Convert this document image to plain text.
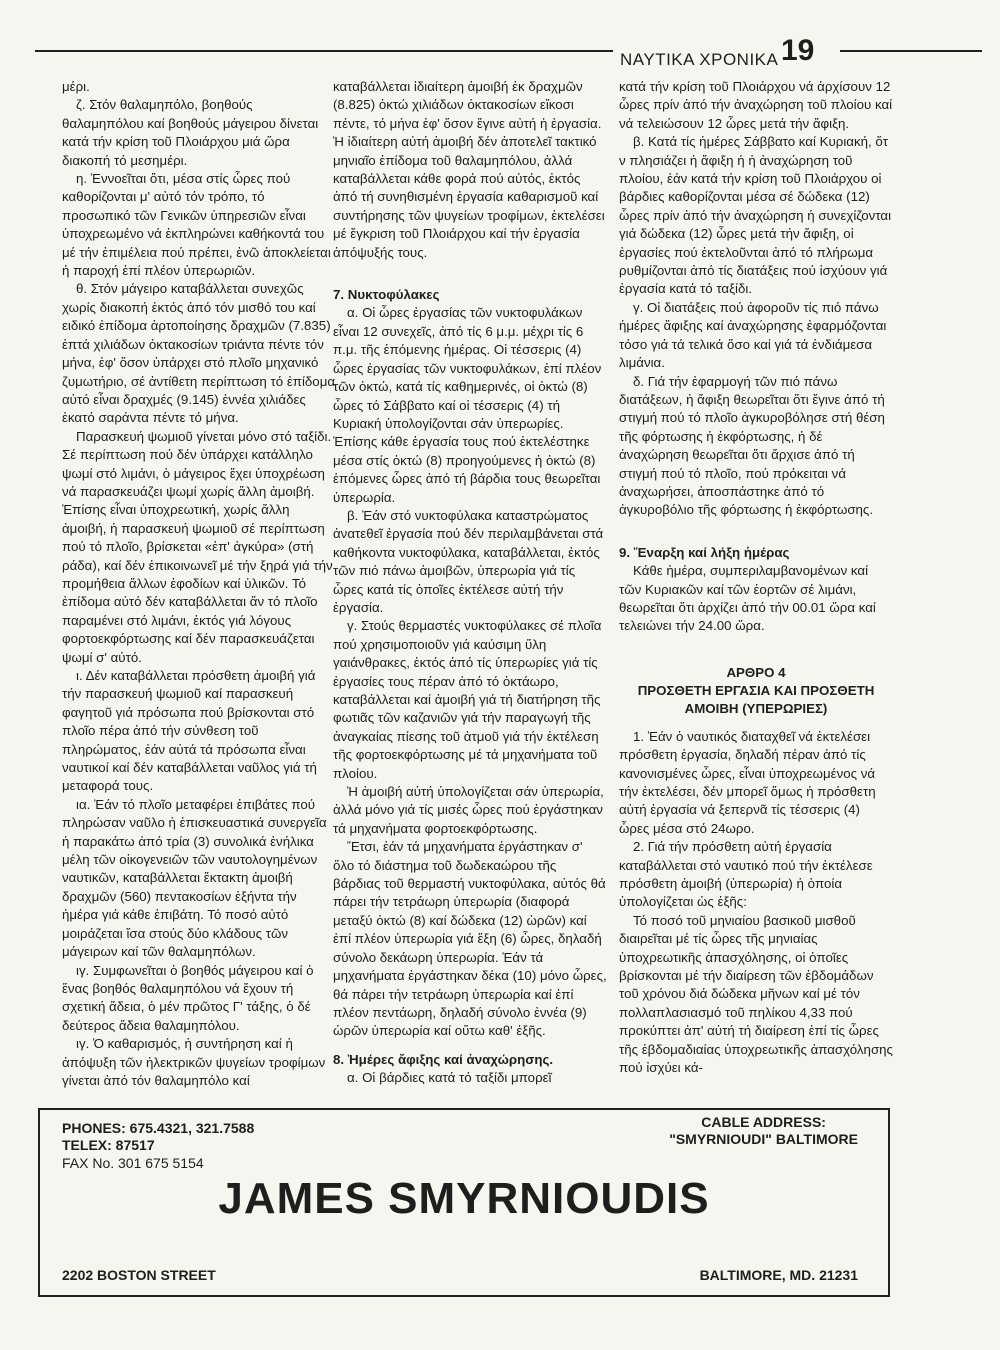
ΝΑΥΤΙΚΑ ΧΡΟΝΙΚΑ 19

μέρι.

ζ. Στόν θαλαμηπόλο, βοηθούς θαλαμηπόλου καί βοηθούς μάγειρου δίνεται κατά τήν κρίση τοῦ Πλοιάρχου μιά ὥρα διακοπή τό μεσημέρι.

η. Ἐννοεῖται ὅτι, μέσα στίς ὧρες πού καθορίζονται μ' αὐτό τόν τρόπο, τό προσωπικό τῶν Γενικῶν ὑπηρεσιῶν εἶναι ὑποχρεωμένο νά ἐκπληρώνει καθήκοντά του μέ τήν ἐπιμέλεια πού πρέπει, ἐνῶ ἀποκλείεται ἡ παροχή ἐπί πλέον ὑπερωριῶν.

θ. Στόν μάγειρο καταβάλλεται συνεχῶς χωρίς διακοπή ἐκτός ἀπό τόν μισθό του καί ειδικό ἐπίδομα ἀρτοποίησης δραχμῶν (7.835) ἑπτά χιλιάδων ὀκτακοσίων τριάντα πέντε τόν μήνα, ἐφ' ὅσον ὑπάρχει στό πλοῖο μηχανικό ζυμωτήριο, σέ ἀντίθετη περίπτωση τό ἐπίδομα αὐτό εἶναι δραχμές (9.145) ἐννέα χιλιάδες ἑκατό σαράντα πέντε τό μήνα.

Παρασκευή ψωμιοῦ γίνεται μόνο στό ταξίδι. Σέ περίπτωση πού δέν ὑπάρχει κατάλληλο ψωμί στό λιμάνι, ὁ μάγειρος ἔχει ὑποχρέωση νά παρασκευάζει ψωμί χωρίς ἄλλη ἀμοιβή. Ἐπίσης εἶναι ὑποχρεωτική, χωρίς ἄλλη ἀμοιβή, ἡ παρασκευή ψωμιοῦ σέ περίπτωση πού τό πλοῖο, βρίσκεται «ἐπ' ἀγκύρα» (στή ράδα), καί δέν ἐπικοινωνεῖ μέ τήν ξηρά γιά τήν προμήθεια ἄλλων ἐφοδίων καί ὑλικῶν. Τό ἐπίδομα αὐτό δέν καταβάλλεται ἄν τό πλοῖο παραμένει στό λιμάνι, ἐκτός γιά λόγους φορτοεκφόρτωσης καί δέν παρασκευάζεται ψωμί σ' αὐτό.

ι. Δέν καταβάλλεται πρόσθετη ἀμοιβή γιά τήν παρασκευή ψωμιοῦ καί παρασκευή φαγητοῦ γιά πρόσωπα πού βρίσκονται στό πλοῖο πέρα ἀπό τήν σύνθεση τοῦ πληρώματος, ἐάν αὐτά τά πρόσωπα εἶναι ναυτικοί καί δέν καταβάλλεται ναῦλος γιά τή μεταφορά τους.

ια. Ἐάν τό πλοῖο μεταφέρει ἐπιβάτες πού πληρώσαν ναῦλο ἡ ἐπισκευαστικά συνεργεῖα ἡ παρακάτω ἀπό τρία (3) συνολικά ἐνήλικα μέλη τῶν οἰκογενειῶν τῶν ναυτολογημένων ναυτικῶν, καταβάλλεται ἔκτακτη ἀμοιβή δραχμῶν (560) πεντακοσίων ἑξήντα τήν ἡμέρα γιά κάθε ἐπιβάτη. Τό ποσό αὐτό μοιράζεται ἴσα στούς δύο κλάδους τῶν μάγειρων καί τῶν θαλαμηπόλων.

ιγ. Συμφωνεῖται ὁ βοηθός μάγειρου καί ὁ ἕνας βοηθός θαλαμηπόλου νά ἔχουν τή σχετική ἄδεια, ὁ μέν πρῶτος Γ' τάξης, ὁ δέ δεύτερος ἄδεια θαλαμηπόλου.

ιγ. Ὁ καθαρισμός, ἡ συντήρηση καί ἡ ἀπόψυξη τῶν ἠλεκτρικῶν ψυγείων τροφίμων γίνεται ἀπό τόν θαλαμηπόλο καί

καταβάλλεται ἰδιαίτερη ἀμοιβή ἐκ δραχμῶν (8.825) ὀκτώ χιλιάδων ὀκτακοσίων εἴκοσι πέντε, τό μήνα ἐφ' ὅσον ἔγινε αὐτή ἡ ἐργασία. Ἡ ἰδιαίτερη αὐτή ἀμοιβή δέν ἀποτελεῖ τακτικό μηνιαῖο ἐπίδομα τοῦ θαλαμηπόλου, ἀλλά καταβάλλεται κάθε φορά πού αὐτός, ἐκτός ἀπό τή συνηθισμένη ἐργασία καθαρισμοῦ καί συντήρησης τῶν ψυγείων τροφίμων, ἐκτελέσει μέ ἔγκριση τοῦ Πλοιάρχου καί τήν ἐργασία ἀπόψυξής τους.

7. Νυκτοφύλακες

α. Οἱ ὧρες ἐργασίας τῶν νυκτοφυλάκων εἶναι 12 συνεχεῖς, ἀπό τίς 6 μ.μ. μέχρι τίς 6 π.μ. τῆς ἑπόμενης ἡμέρας. Οἱ τέσσερις (4) ὧρες ἐργασίας τῶν νυκτοφυλάκων, ἐπί πλέον τῶν ὀκτώ, κατά τίς καθημερινές, οἱ ὀκτώ (8) ὧρες τό Σάββατο καί οἱ τέσσερις (4) τή Κυριακή ὑπολογίζονται σάν ὑπερωρίες. Ἐπίσης κάθε ἐργασία τους πού ἐκτελέστηκε μέσα στίς ὀκτώ (8) προηγούμενες ἡ ὀκτώ (8) ἑπόμενες ὧρες ἀπό τή βάρδια τους θεωρεῖται ὑπερωρία.

β. Ἐάν στό νυκτοφύλακα καταστρώματος ἀνατεθεῖ ἐργασία πού δέν περιλαμβάνεται στά καθήκοντα νυκτοφύλακα, καταβάλλεται, ἐκτός τῶν πιό πάνω ἀμοιβῶν, ὑπερωρία γιά τίς ὧρες κατά τίς ὁποῖες ἐκτέλεσε αὐτή τήν ἐργασία.

γ. Στούς θερμαστές νυκτοφύλακες σέ πλοῖα πού χρησιμοποιοῦν γιά καύσιμη ὕλη γαιάνθρακες, ἐκτός ἀπό τίς ὑπερωρίες γιά τίς ἐργασίες τους πέραν ἀπό τό ὀκτάωρο, καταβάλλεται καί ἀμοιβή γιά τή διατήρηση τῆς φωτιᾶς τῶν καζανιῶν γιά τήν παραγωγή τῆς ἀναγκαίας πίεσης τοῦ ἀτμοῦ γιά τήν ἐκτέλεση τῆς φορτοεκφόρτωσης μέ τά μηχανήματα τοῦ πλοίου.

Ἡ ἀμοιβή αὐτή ὑπολογίζεται σάν ὑπερωρία, ἀλλά μόνο γιά τίς μισές ὧρες πού ἐργάστηκαν τά μηχανήματα φορτοεκφόρτωσης.

Ἔτσι, ἐάν τά μηχανήματα ἐργάστηκαν σ' ὅλο τό διάστημα τοῦ δωδεκαώρου τῆς βάρδιας τοῦ θερμαστή νυκτοφύλακα, αὐτός θά πάρει τήν τετράωρη ὑπερωρία (διαφορά μεταξύ ὀκτώ (8) καί δώδεκα (12) ὡρῶν) καί ἐπί πλέον ὑπερωρία γιά ἕξη (6) ὧρες, δηλαδή σύνολο δεκάωρη ὑπερωρία. Ἐάν τά μηχανήματα ἐργάστηκαν δέκα (10) μόνο ὧρες, θά πάρει τήν τετράωρη ὑπερωρία καί ἐπί πλέον πεντάωρη, δηλαδή σύνολο ἐννέα (9) ὡρῶν ὑπερωρία καί οὕτω καθ' ἑξῆς.

8. Ἡμέρες ἄφιξης καί ἀναχώρησης.

α. Οἱ βάρδιες κατά τό ταξίδι μπορεῖ

κατά τήν κρίση τοῦ Πλοιάρχου νά ἀρχίσουν 12 ὧρες πρίν ἀπό τήν ἀναχώρηση τοῦ πλοίου καί νά τελειώσουν 12 ὧρες μετά τήν ἄφιξη.

β. Κατά τίς ἡμέρες Σάββατο καί Κυριακή, ὅτ ν πλησιάζει ἡ ἄφιξη ἡ ἡ ἀναχώρηση τοῦ πλοίου, ἐάν κατά τήν κρίση τοῦ Πλοιάρχου οἱ βάρδιες καθορίζονται μέσα σέ δώδεκα (12) ὧρες πρίν ἀπό τήν ἀναχώρηση ἡ συνεχίζονται γιά δώδεκα (12) ὧρες μετά τήν ἄφιξη, οἱ ἐργασίες πού ἐκτελοῦνται ἀπό τό πλήρωμα ρυθμίζονται ἀπό τίς διατάξεις πού ἰσχύουν γιά ἐργασία κατά τό ταξίδι.

γ. Οἱ διατάξεις πού ἀφοροῦν τίς πιό πάνω ἡμέρες ἄφιξης καί ἀναχώρησης ἐφαρμόζονται τόσο γιά τά τελικά ὅσο καί γιά τά ἐνδιάμεσα λιμάνια.

δ. Γιά τήν ἐφαρμογή τῶν πιό πάνω διατάξεων, ἡ ἄφιξη θεωρεῖται ὅτι ἔγινε ἀπό τή στιγμή πού τό πλοῖο ἀγκυροβόλησε στή θέση τῆς φόρτωσης ἡ ἐκφόρτωσης, ἡ δέ ἀναχώρηση θεωρεῖται ὅτι ἄρχισε ἀπό τή στιγμή πού τό πλοῖο, πού πρόκειται νά ἀναχωρήσει, ἀποσπάστηκε ἀπό τό ἀγκυροβόλιο τῆς φόρτωσης ἡ ἐκφόρτωσης.

9. Ἔναρξη καί λήξη ἡμέρας

Κάθε ἡμέρα, συμπεριλαμβανομένων καί τῶν Κυριακῶν καί τῶν ἑορτῶν σέ λιμάνι, θεωρεῖται ὅτι ἀρχίζει ἀπό τήν 00.01 ὥρα καί τελειώνει τήν 24.00 ὥρα.

ΑΡΘΡΟ 4
ΠΡΟΣΘΕΤΗ ΕΡΓΑΣΙΑ ΚΑΙ ΠΡΟΣΘΕΤΗ ΑΜΟΙΒΗ (ΥΠΕΡΩΡΙΕΣ)

1. Ἐάν ὁ ναυτικός διαταχθεῖ νά ἐκτελέσει πρόσθετη ἐργασία, δηλαδή πέραν ἀπό τίς κανονισμένες ὧρες, εἶναι ὑποχρεωμένος νά τήν ἐκτελέσει, δέν μπορεῖ ὅμως ἡ πρόσθετη αὐτή ἐργασία νά ξεπερνᾶ τίς τέσσερις (4) ὧρες μέσα στό 24ωρο.

2. Γιά τήν πρόσθετη αὐτή ἐργασία καταβάλλεται στό ναυτικό πού τήν ἐκτέλεσε πρόσθετη ἀμοιβή (ὑπερωρία) ἡ ὁποία ὑπολογίζεται ὡς ἑξῆς:

Τό ποσό τοῦ μηνιαίου βασικοῦ μισθοῦ διαιρεῖται μέ τίς ὧρες τῆς μηνιαίας ὑποχρεωτικῆς ἀπασχόλησης, οἱ ὁποῖες βρίσκονται μέ τήν διαίρεση τῶν ἑβδομάδων τοῦ χρόνου διά δώδεκα μῆνων καί μέ τόν πολλαπλασιασμό τοῦ πηλίκου 4,33 πού προκύπτει ἀπ' αὐτή τή διαίρεση ἐπί τίς ὧρες τῆς ἑβδομαδιαίας ὑποχρεωτικῆς ἀπασχόλησης πού ἰσχύει κά-

PHONES: 675.4321, 321.7588
TELEX: 87517
FAX No. 301 675 5154
CABLE ADDRESS:
"SMYRNIOUDI" BALTIMORE
JAMES SMYRNIOUDIS
2202 BOSTON STREET	BALTIMORE, MD. 21231
